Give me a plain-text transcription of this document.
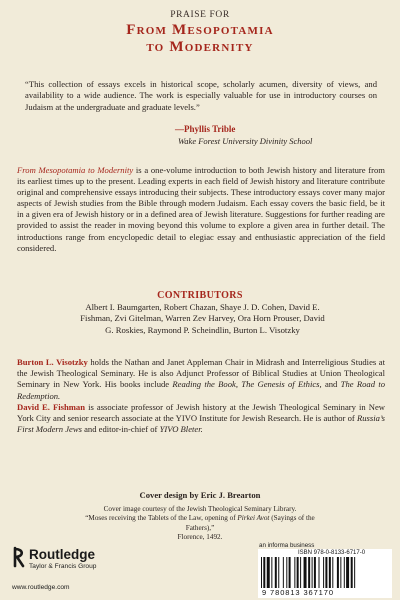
PRAISE FOR
From Mesopotamia
to Modernity
“This collection of essays excels in historical scope, scholarly acumen, diversity of views, and availability to a wide audience. The work is especially valuable for use in introductory courses on Judaism at the undergraduate and graduate levels.”
—Phyllis Trible
Wake Forest University Divinity School
From Mesopotamia to Modernity is a one-volume introduction to both Jewish history and literature from its earliest times up to the present. Leading experts in each field of Jewish history and literature contribute original and comprehensive essays introducing their subjects. These introductory essays cover many major aspects of Jewish studies from the Bible through modern Judaism. Each essay covers the basic field, be it in a given era of Jewish history or in a defined area of Jewish literature. Suggestions for further reading are provided to assist the reader in moving beyond this volume to explore a given area in further detail. The introductions range from encyclopedic detail to elegiac essay and enthusiastic appreciation of the field considered.
CONTRIBUTORS
Albert I. Baumgarten, Robert Chazan, Shaye J. D. Cohen, David E. Fishman, Zvi Gitelman, Warren Zev Harvey, Ora Horn Prouser, David G. Roskies, Raymond P. Scheindlin, Burton L. Visotzky

Burton L. Visotzky holds the Nathan and Janet Appleman Chair in Midrash and Interreligious Studies at the Jewish Theological Seminary. He is also Adjunct Professor of Biblical Studies at Union Theological Seminary in New York. His books include Reading the Book, The Genesis of Ethics, and The Road to Redemption.

David E. Fishman is associate professor of Jewish history at the Jewish Theological Seminary in New York City and senior research associate at the YIVO Institute for Jewish Research. He is author of Russia’s First Modern Jews and editor-in-chief of YIVO Bleter.

Cover design by Eric J. Brearton
Cover image courtesy of the Jewish Theological Seminary Library.
“Moses receiving the Tablets of the Law, opening of Pirkei Avot (Sayings of the Fathers),”
Florence, 1492.
Routledge
Taylor & Francis Group
www.routledge.com
an informa business
ISBN 978-0-8133-6717-0
9 780813 367170
